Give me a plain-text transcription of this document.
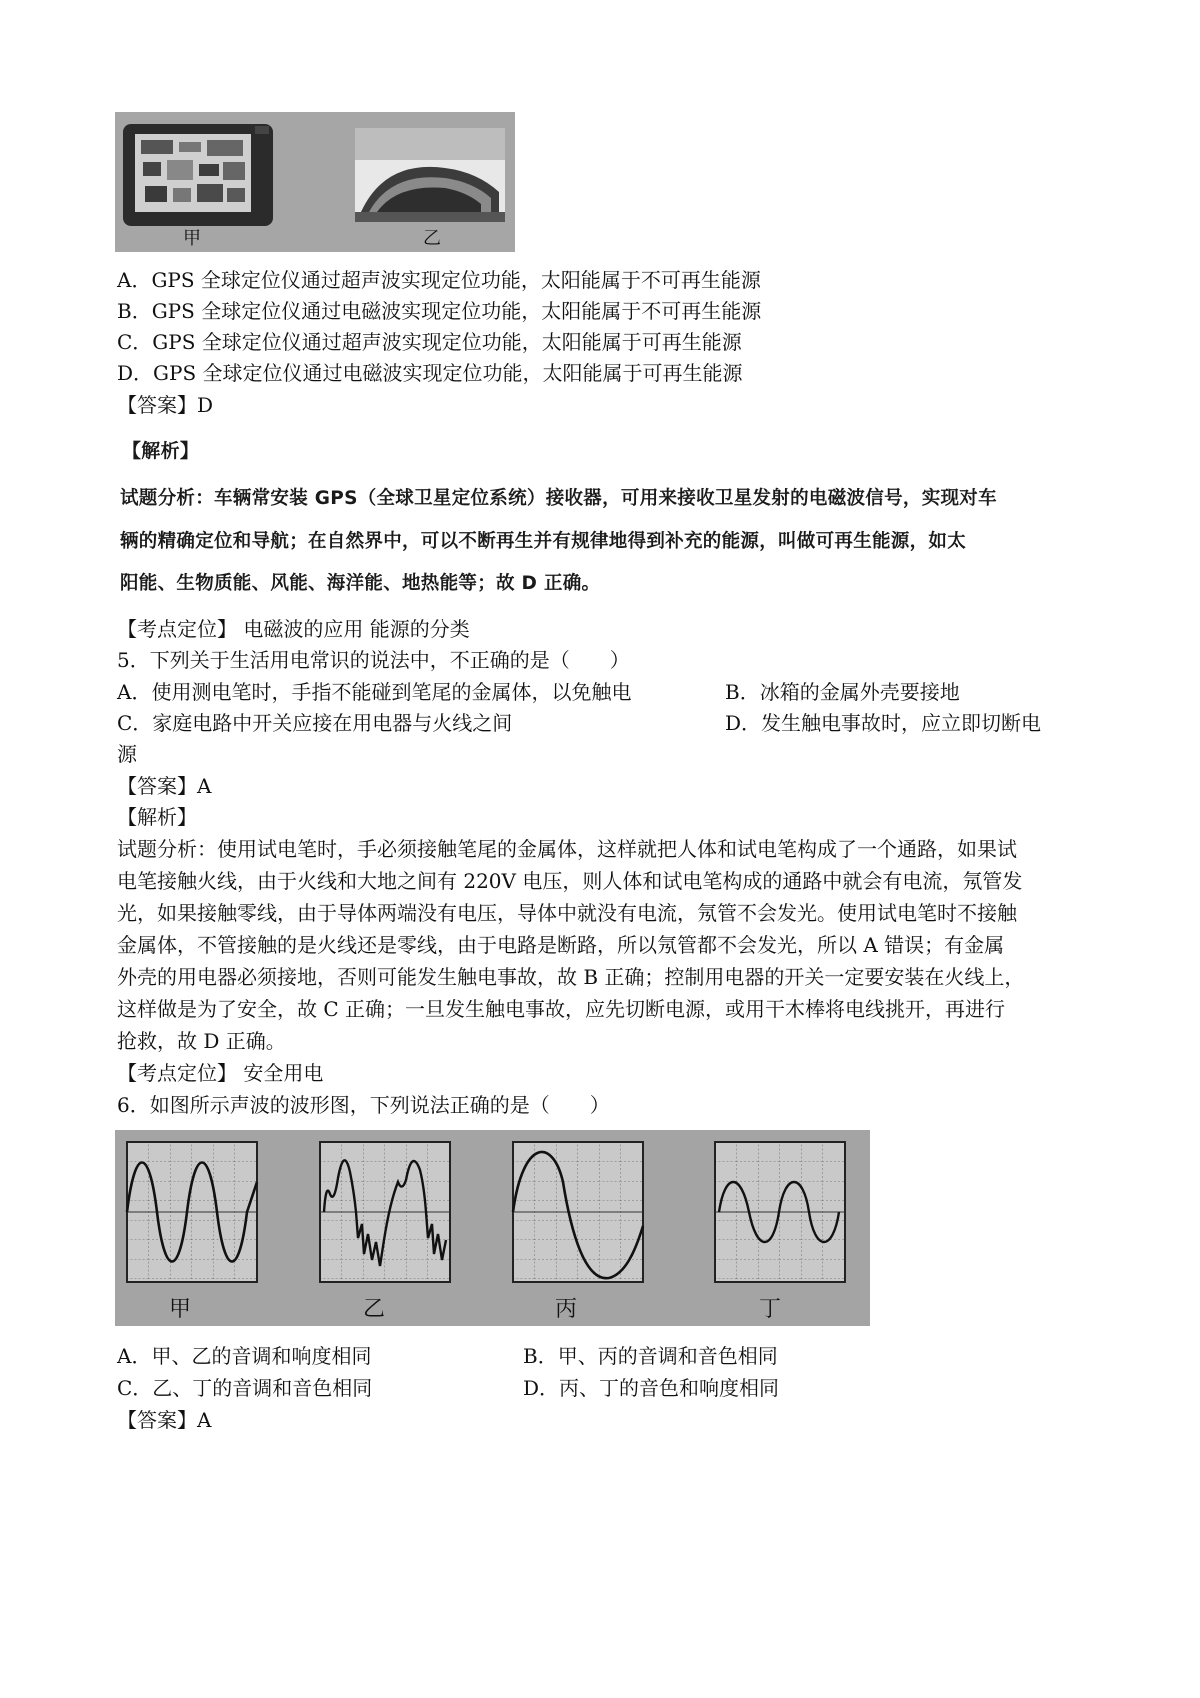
甲	乙
A．GPS 全球定位仪通过超声波实现定位功能，太阳能属于不可再生能源
B．GPS 全球定位仪通过电磁波实现定位功能，太阳能属于不可再生能源
C．GPS 全球定位仪通过超声波实现定位功能，太阳能属于可再生能源
D．GPS 全球定位仪通过电磁波实现定位功能，太阳能属于可再生能源
【答案】D
【解析】
试题分析：车辆常安装 GPS（全球卫星定位系统）接收器，可用来接收卫星发射的电磁波信号，实现对车
辆的精确定位和导航；在自然界中，可以不断再生并有规律地得到补充的能源，叫做可再生能源，如太
阳能、生物质能、风能、海洋能、地热能等；故 D 正确。
【考点定位】 电磁波的应用 能源的分类
5．下列关于生活用电常识的说法中，不正确的是（　　）
A．使用测电笔时，手指不能碰到笔尾的金属体，以免触电	B．冰箱的金属外壳要接地
C．家庭电路中开关应接在用电器与火线之间	D．发生触电事故时，应立即切断电
源
【答案】A
【解析】
试题分析：使用试电笔时，手必须接触笔尾的金属体，这样就把人体和试电笔构成了一个通路，如果试
电笔接触火线，由于火线和大地之间有 220V 电压，则人体和试电笔构成的通路中就会有电流，氖管发
光，如果接触零线，由于导体两端没有电压，导体中就没有电流，氖管不会发光。使用试电笔时不接触
金属体，不管接触的是火线还是零线，由于电路是断路，所以氖管都不会发光，所以 A 错误；有金属
外壳的用电器必须接地，否则可能发生触电事故，故 B 正确；控制用电器的开关一定要安装在火线上，
这样做是为了安全，故 C 正确；一旦发生触电事故，应先切断电源，或用干木棒将电线挑开，再进行
抢救，故 D 正确。
【考点定位】 安全用电
6．如图所示声波的波形图，下列说法正确的是（　　）
甲	乙	丙	丁
A．甲、乙的音调和响度相同	B．甲、丙的音调和音色相同
C．乙、丁的音调和音色相同	D．丙、丁的音色和响度相同
【答案】A
